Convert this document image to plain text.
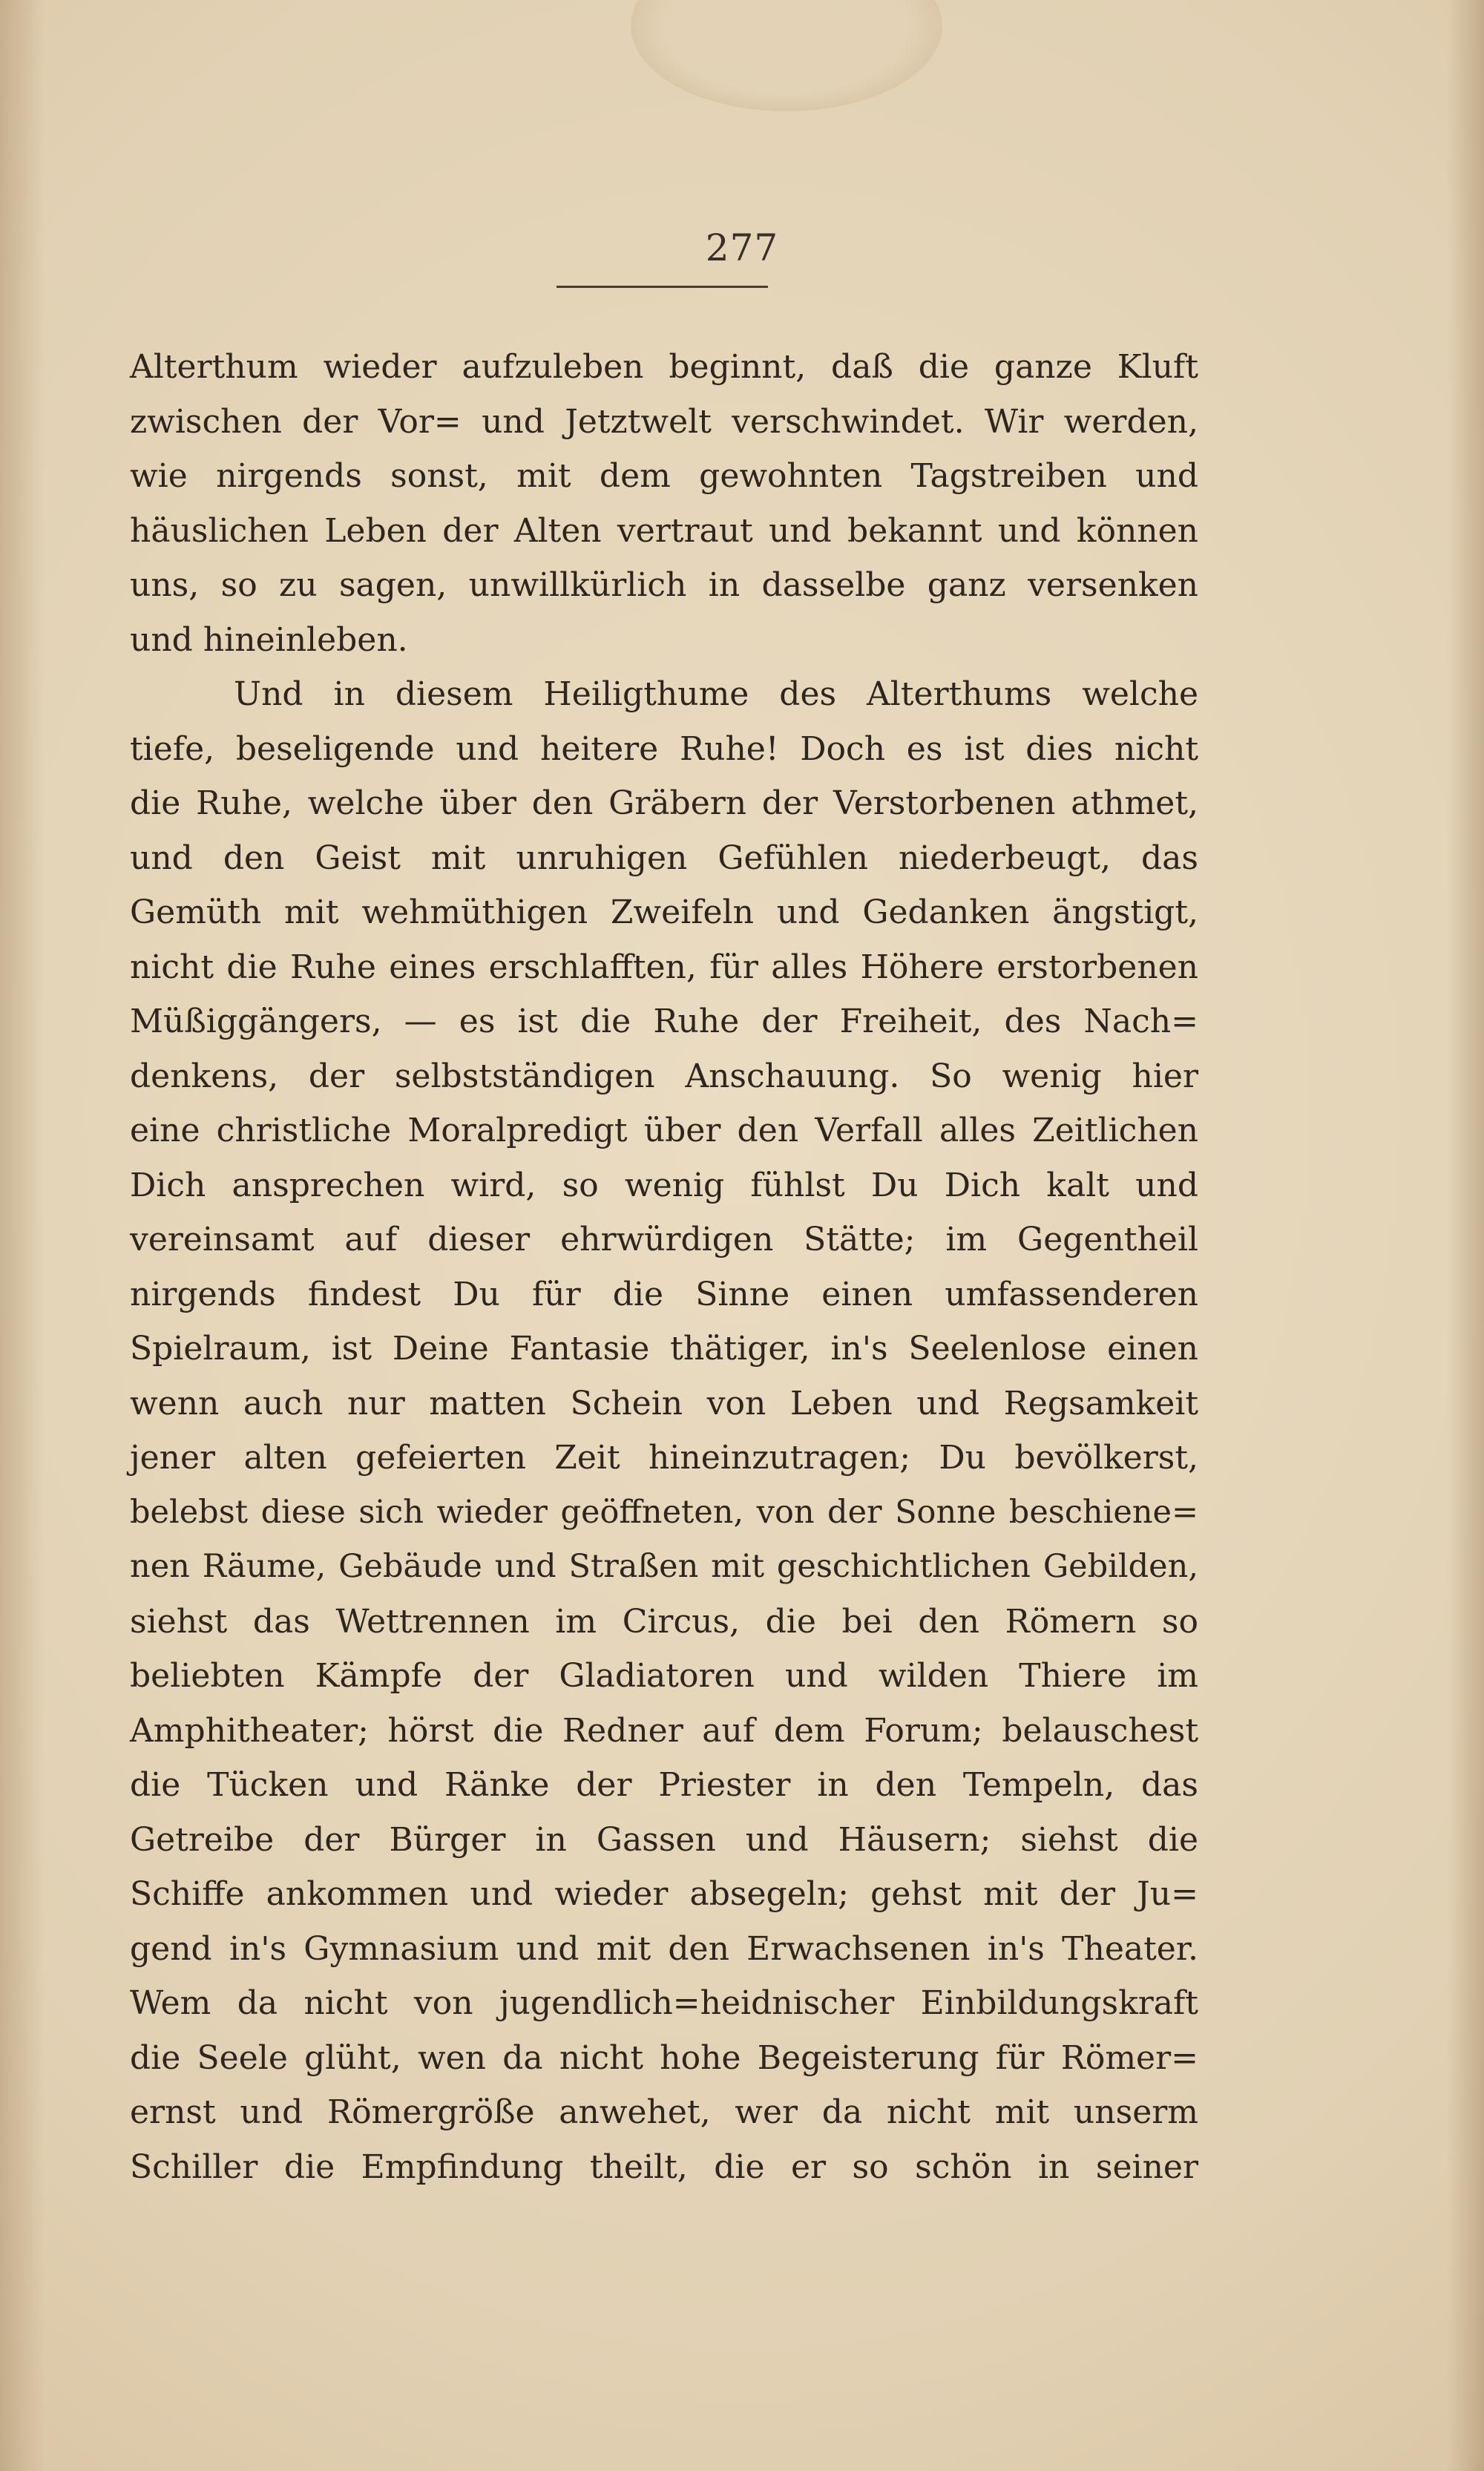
277
Alterthum wieder aufzuleben beginnt, daß die ganze Kluft
zwischen der Vor= und Jetztwelt verschwindet. Wir werden,
wie nirgends sonst, mit dem gewohnten Tagstreiben und
häuslichen Leben der Alten vertraut und bekannt und können
uns, so zu sagen, unwillkürlich in dasselbe ganz versenken
und hineinleben.
Und in diesem Heiligthume des Alterthums welche
tiefe, beseligende und heitere Ruhe! Doch es ist dies nicht
die Ruhe, welche über den Gräbern der Verstorbenen athmet,
und den Geist mit unruhigen Gefühlen niederbeugt, das
Gemüth mit wehmüthigen Zweifeln und Gedanken ängstigt,
nicht die Ruhe eines erschlafften, für alles Höhere erstorbenen
Müßiggängers, — es ist die Ruhe der Freiheit, des Nach=
denkens, der selbstständigen Anschauung. So wenig hier
eine christliche Moralpredigt über den Verfall alles Zeitlichen
Dich ansprechen wird, so wenig fühlst Du Dich kalt und
vereinsamt auf dieser ehrwürdigen Stätte; im Gegentheil
nirgends findest Du für die Sinne einen umfassenderen
Spielraum, ist Deine Fantasie thätiger, in's Seelenlose einen
wenn auch nur matten Schein von Leben und Regsamkeit
jener alten gefeierten Zeit hineinzutragen; Du bevölkerst,
belebst diese sich wieder geöffneten, von der Sonne beschiene=
nen Räume, Gebäude und Straßen mit geschichtlichen Gebilden,
siehst das Wettrennen im Circus, die bei den Römern so
beliebten Kämpfe der Gladiatoren und wilden Thiere im
Amphitheater; hörst die Redner auf dem Forum; belauschest
die Tücken und Ränke der Priester in den Tempeln, das
Getreibe der Bürger in Gassen und Häusern; siehst die
Schiffe ankommen und wieder absegeln; gehst mit der Ju=
gend in's Gymnasium und mit den Erwachsenen in's Theater.
Wem da nicht von jugendlich=heidnischer Einbildungskraft
die Seele glüht, wen da nicht hohe Begeisterung für Römer=
ernst und Römergröße anwehet, wer da nicht mit unserm
Schiller die Empfindung theilt, die er so schön in seiner
